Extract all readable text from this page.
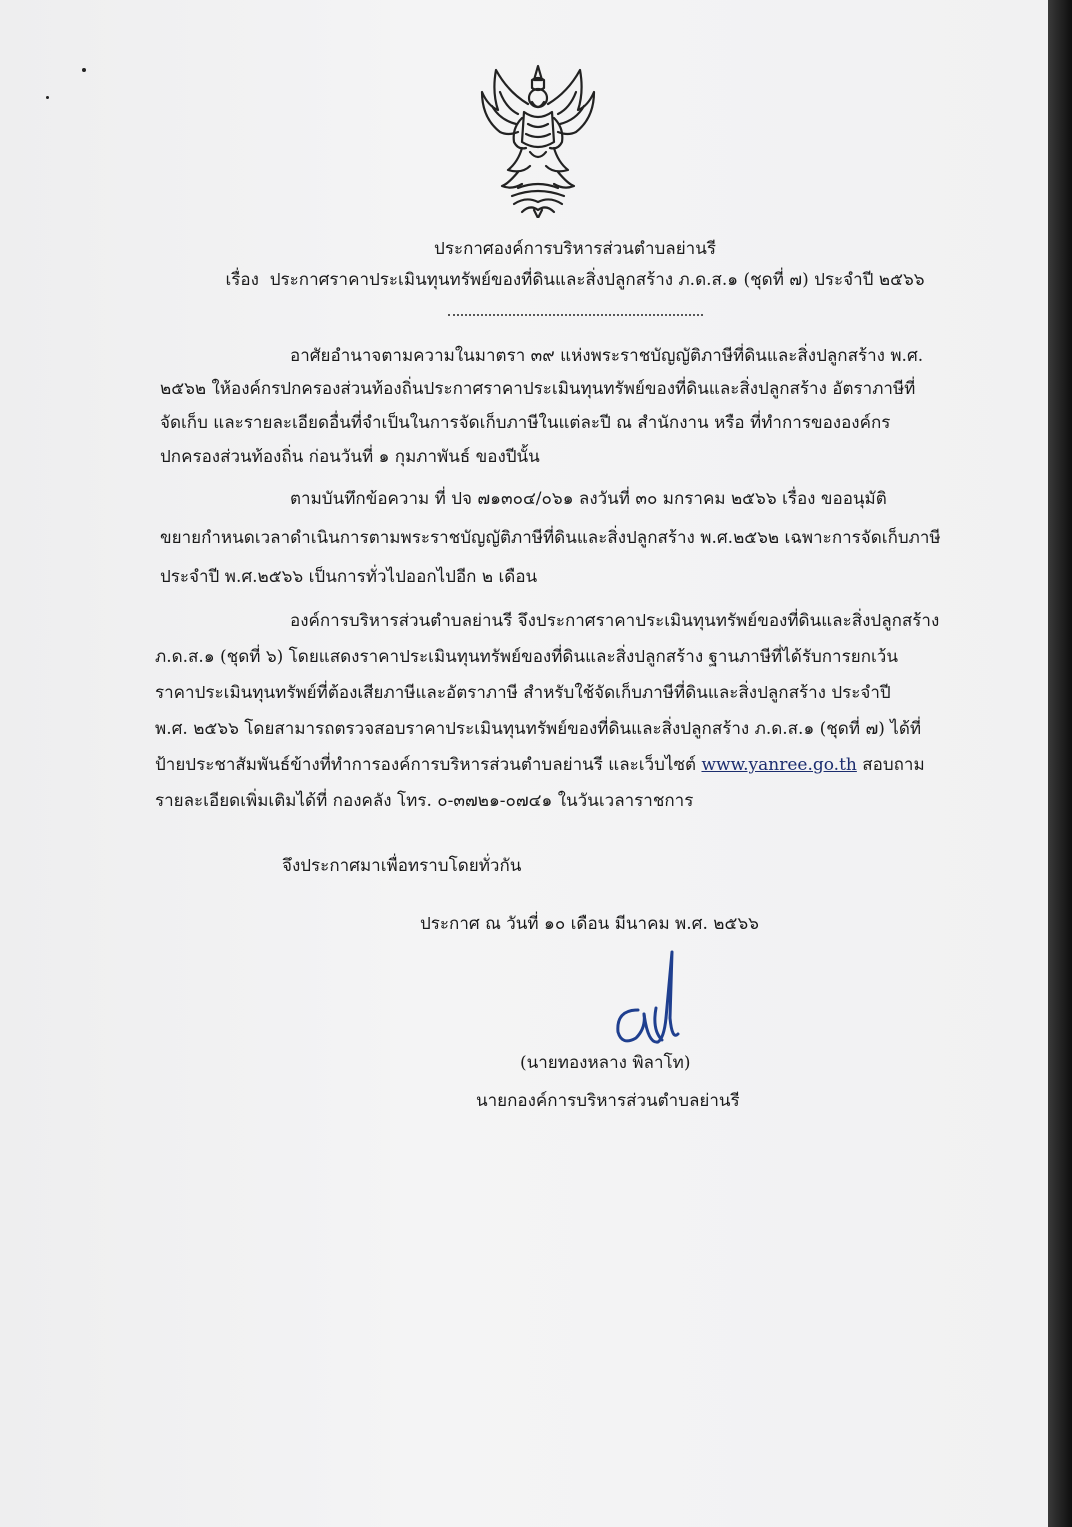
ประกาศองค์การบริหารส่วนตำบลย่านรี
เรื่อง ประกาศราคาประเมินทุนทรัพย์ของที่ดินและสิ่งปลูกสร้าง ภ.ด.ส.๑ (ชุดที่ ๗) ประจำปี ๒๕๖๖
อาศัยอำนาจตามความในมาตรา ๓๙ แห่งพระราชบัญญัติภาษีที่ดินและสิ่งปลูกสร้าง พ.ศ.
๒๕๖๒ ให้องค์กรปกครองส่วนท้องถิ่นประกาศราคาประเมินทุนทรัพย์ของที่ดินและสิ่งปลูกสร้าง อัตราภาษีที่
จัดเก็บ และรายละเอียดอื่นที่จำเป็นในการจัดเก็บภาษีในแต่ละปี ณ สำนักงาน หรือ ที่ทำการขององค์กร
ปกครองส่วนท้องถิ่น ก่อนวันที่ ๑ กุมภาพันธ์ ของปีนั้น
ตามบันทึกข้อความ ที่ ปจ ๗๑๓๐๔/๐๖๑ ลงวันที่ ๓๐ มกราคม ๒๕๖๖ เรื่อง ขออนุมัติ
ขยายกำหนดเวลาดำเนินการตามพระราชบัญญัติภาษีที่ดินและสิ่งปลูกสร้าง พ.ศ.๒๕๖๒ เฉพาะการจัดเก็บภาษี
ประจำปี พ.ศ.๒๕๖๖ เป็นการทั่วไปออกไปอีก ๒ เดือน
องค์การบริหารส่วนตำบลย่านรี จึงประกาศราคาประเมินทุนทรัพย์ของที่ดินและสิ่งปลูกสร้าง
ภ.ด.ส.๑ (ชุดที่ ๖) โดยแสดงราคาประเมินทุนทรัพย์ของที่ดินและสิ่งปลูกสร้าง ฐานภาษีที่ได้รับการยกเว้น
ราคาประเมินทุนทรัพย์ที่ต้องเสียภาษีและอัตราภาษี สำหรับใช้จัดเก็บภาษีที่ดินและสิ่งปลูกสร้าง ประจำปี
พ.ศ. ๒๕๖๖ โดยสามารถตรวจสอบราคาประเมินทุนทรัพย์ของที่ดินและสิ่งปลูกสร้าง ภ.ด.ส.๑ (ชุดที่ ๗) ได้ที่
ป้ายประชาสัมพันธ์ข้างที่ทำการองค์การบริหารส่วนตำบลย่านรี และเว็บไซต์ www.yanree.go.th สอบถาม
รายละเอียดเพิ่มเติมได้ที่ กองคลัง โทร. ๐-๓๗๒๑-๐๗๔๑ ในวันเวลาราชการ
จึงประกาศมาเพื่อทราบโดยทั่วกัน
ประกาศ ณ วันที่ ๑๐ เดือน มีนาคม พ.ศ. ๒๕๖๖
(นายทองหลาง พิลาโท)
นายกองค์การบริหารส่วนตำบลย่านรี
